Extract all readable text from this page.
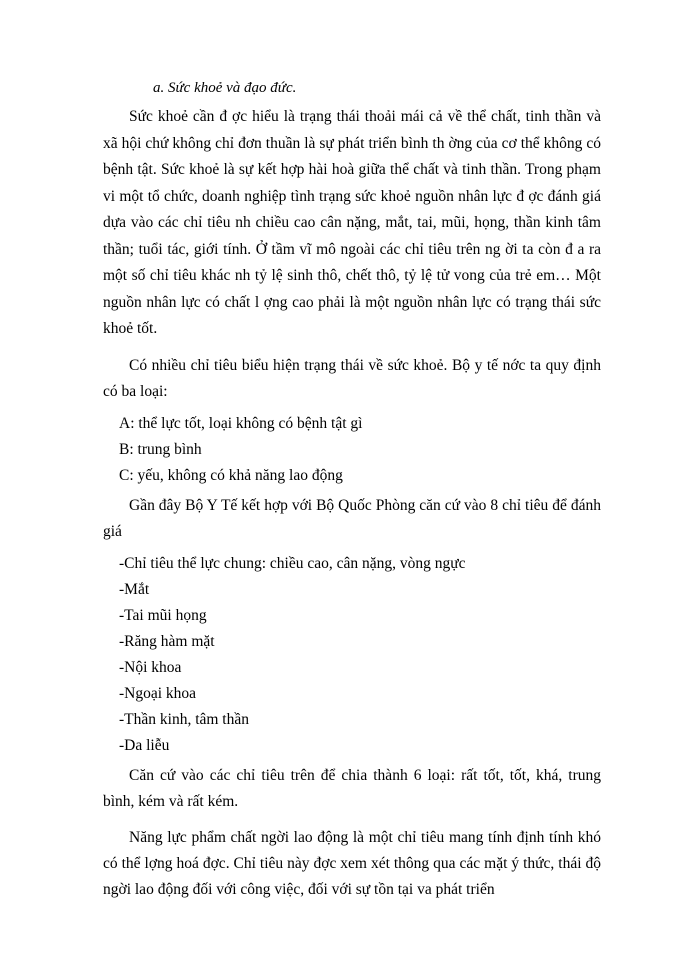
a. Sức khoẻ và đạo đức.

Sức khoẻ cần đ ợc hiểu là trạng thái thoải mái cả về thể chất, tinh thần và xã hội chứ không chỉ đơn thuần là sự phát triển bình th ờng của cơ thể không có bệnh tật. Sức khoẻ là sự kết hợp hài hoà giữa thể chất và tinh thần. Trong phạm vi một tổ chức, doanh nghiệp tình trạng sức khoẻ nguồn nhân lực đ ợc đánh giá dựa vào các chỉ tiêu nh chiều cao cân nặng, mắt, tai, mũi, họng, thần kinh tâm thần; tuổi tác, giới tính. Ở tầm vĩ mô ngoài các chỉ tiêu trên ng ời ta còn đ a ra một số chỉ tiêu khác nh tỷ lệ sinh thô, chết thô, tỷ lệ tử vong của trẻ em… Một nguồn nhân lực có chất l ợng cao phải là một nguồn nhân lực có trạng thái sức khoẻ tốt.

Có nhiều chỉ tiêu biểu hiện trạng thái về sức khoẻ. Bộ y tế nớc ta quy định có ba loại:

A: thể lực tốt, loại không có bệnh tật gì

B: trung bình

C: yếu, không có khả năng lao động

Gần đây Bộ Y Tế kết hợp với Bộ Quốc Phòng căn cứ vào 8 chỉ tiêu để đánh giá

-Chỉ tiêu thể lực chung: chiều cao, cân nặng, vòng ngực

-Mắt

-Tai mũi họng

-Răng hàm mặt

-Nội khoa

-Ngoại khoa

-Thần kinh, tâm thần

-Da liễu

Căn cứ vào các chỉ tiêu trên để chia thành 6 loại: rất tốt, tốt, khá, trung bình, kém và rất kém.

Năng lực phẩm chất ngời lao động là một chỉ tiêu mang tính định tính khó có thể lợng hoá đợc. Chỉ tiêu này đợc xem xét thông qua các mặt ý thức, thái độ ngời lao động đối với công việc, đối với sự tồn tại va phát triển
